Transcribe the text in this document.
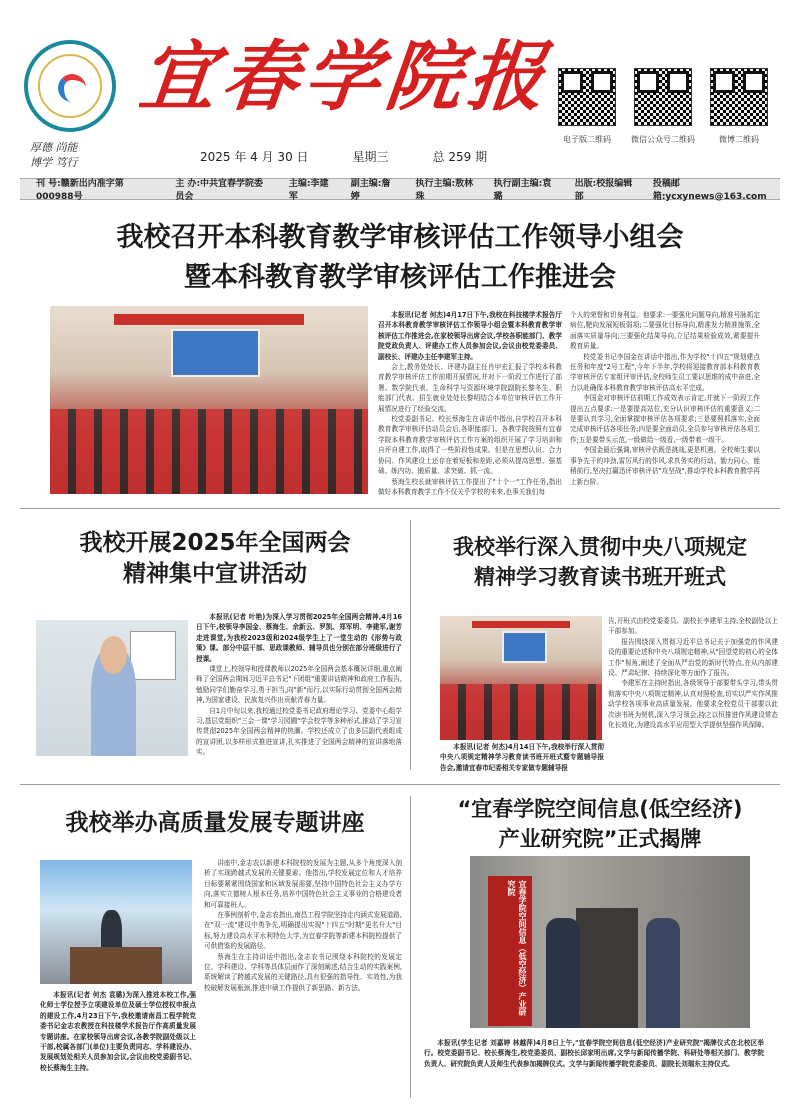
厚德 尚能
博学 笃行
宜春学院报
电子版二维码	微信公众号二维码	微博二维码
2025 年 4 月 30 日	星期三	总 259 期
刊 号:赣新出内准字第000988号
主 办:中共宜春学院委员会
主编:李建军
副主编:詹 婷
执行主编:敖林珠
执行副主编:袁 璐
出版:校报编辑部
投稿邮箱:ycxynews@163.com
我校召开本科教育教学审核评估工作领导小组会
暨本科教育教学审核评估工作推进会

本报讯(记者 何杰)4月17日下午,我校在科技楼学术报告厅召开本科教育教学审核评估工作领导小组会暨本科教育教学审核评估工作推进会,在家校领导出席会议,学校各职能部门、教学院党政负责人、评建办工作人员参加会议,会议由校党委委员、副校长、评建办主任李建军主持。

会上,教务处处长、评建办副主任肖甲宏汇报了学校本科教育教学审核评估工作前期开展情况,并对下一阶段工作进行了部署。数学院代表、生命科学与资源环境学院副院长黎冬生、职能部门代表、招生就业处处长黎明结合本单位审核评估工作开展情况进行了经验交流。

校党委副书记、校长蔡海生在讲话中指出,自学校召开本科教育教学审核评估动员会后,各职能部门、各教学院按照有宜春学院本科教育教学审核评估工作方案的组织开展了学习培训和自评自建工作,取得了一些阶段性成果。但是在思想认识、合力协同、作风建设上还存在着短板和差距,必须从提高思想、强基础、练内功、锻质量、求突破、抓一流。

蔡海生校长就审核评估工作提出了"十个一"工作任务,指出做好本科教育教学工作不仅关乎学校的未来,也事关我们每

个人的荣誉和切身利益。他要求:一要强化问题导向,精准号脉抓定病位,靶向发展短板弱项;二要强化目标导向,精准发力精准施策,全面落实质量导向;三要强化结果导向,立足结果检验成效,紧要提升教育质量。

校党委书记李国金在讲话中指出,作为学校"十四五"规划建点任务和年度"2号工程",今年下半年,学校将迎接教育部本科教育教学审核评估专家组评审评估,全校师生员工要以思维的成中奋进,全力以赴确保本科教育教学审核评估高水平完成。

李国金对审核评估前期工作成效表示肯定,并就下一阶段工作提出五点要求:一是要提高站位,充分认识审核评估的重要意义;二是要认真学习,全面掌握审核评估各项要求;三是要照抓落实,全面完成审核评估各项任务;四是要全面动员,全员参与审核评估各项工作;五是要带头示范,一级做给一级看,一级带着一级干。

李国金最后强调,审核评估既是挑战,更是机遇。全校师生要以事争先干的冲劲,雷厉风行的作风,求真务实的行动、勠力同心、能稍前行,坚决打赢迅评审核评估"攻坚战",推动学校本科教育教学再上新台阶。

我校开展2025年全国两会
精神集中宣讲活动

本报讯(记者 叶艳)为深入学习贯彻2025年全国两会精神,4月16日下午,校领导李国金、蔡海生、余新云、罗凯、郑军明、李建军,谢芳走进课堂,为我校2023级和2024级学生上了一堂生动的《形势与政策》课。部分中层干部、思政课教师、辅导员也分别在部分班级进行了授课。

课堂上,校领导和授课教师以2025年全国两会基本概况详细,重点阐释了全国两会期间习近平总书记"下团组"重要讲话精神和政府工作报告,勉励同学们勤奋学习,勇于担当,向"新"而行,以实际行动贯彻全国两会精神,为国家建设、民族复兴作出贡献青春力量。

自1月中旬以来,我校通过校党委书记政府理论学习、党委中心组学习,基层党组织"三会一课"学习园圃"学会校学等多种形式,推动了学习宣传贯彻2025年全国两会精神的热潮。学校还成立了由多层副代表组成的宣讲团,以多样形式推进宣讲,扎实推进了全国两会精神的宣讲落地落实。

我校举行深入贯彻中央八项规定
精神学习教育读书班开班式

本报讯(记者 何杰)4月14日下午,我校举行深入贯彻中央八项规定精神学习教育读书班开班式暨专题辅导报告会,邀请宜春市纪委相关专家做专题辅导报

告,开班式由校党委委员、副校长李建军主持,全校副处以上干部参加。

报告围绕深入贯彻习近平总书记关于加强党的作风建设的重要论述和中央八项规定精神,从"回望党的初心的全体工作"视角,阐述了全面从严治党的新时代特点,在从内部建设、严肃纪律、持续深化等方面作了报告。

李建军在主持时指出,各级领导干部要带头学习,带头贯彻落实中央八项规定精神,认真对照检查,切实以严实作风推动学校各项事业高质量发展。他要求全校党员干部要以此次读书班为契机,深入学习领会,持之以恒推进作风建设常态化长效化,为建设高水平应用型大学提供坚强作风保障。

我校举办高质量发展专题讲座

本报讯(记者 何杰 袁璐)为深入推进本校工作,强化师士学位授予立项建设单位及硕士学位授权申报点的建设工作,4月23日下午,我校邀请南昌工程学院党委书记金志农教授在科技楼学术报告厅作高质量发展专题讲座。在家校领导出席会议,各教学院副处级以上干部,校属各部门(单位)主要负责同志、学科建设办、发展规划处相关人员参加会议,会议由校党委副书记、校长蔡海生主持。

讲座中,金志农以新建本科院校的发展为主题,从多个角度深入剖析了实现跨越式发展的关键要素。他指出,学校发展定位和人才培养目标要紧紧围绕国家和区域发展需要,坚持中国特色社会主义办学方向,落实立德树人根本任务,培养中国特色社会主义事业的合格建设者和可靠接班人。

在事例剖析中,金志农指出,南昌工程学院坚持走内涵式发展道路,在"双一流"建设中勇争先,明确提出实现"十四五"时期"更名升大"目标,努力建设高水平水利特色大学,为宜春学院等新建本科院校提供了可供借鉴的发展路径。

蔡海生在主持讲话中指出,金志农书记围绕本科院校的发展定位、学科建设、学科等具体层面作了深刻阐述,结合生动的实践案例,系统解读了跨越式发展的关键路径,具有很强的指导性、实效性,为我校破解发展瓶颈,推进申硕工作提供了新思路、新方法。

“宜春学院空间信息(低空经济)
产业研究院”正式揭牌
宜春学院空间信息（低空经济）产业研究院

本报讯(学生记者 刘嘉婷 林越萍)4月8日上午,"宜春学院空间信息(低空经济)产业研究院"揭牌仪式在北校区举行。校党委副书记、校长蔡海生,校党委委员、副校长邱家明出席,文学与新闻传播学院、科研处等相关部门、教学院负责人、研究院负责人及师生代表参加揭牌仪式。文学与新闻传播学院党委委员、副院长刘瑞东主持仪式。
